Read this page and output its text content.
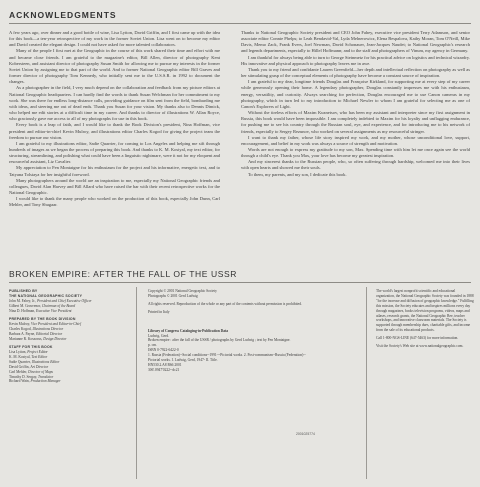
ACKNOWLEDGMENTS

A few years ago, over dinner and a good bottle of wine, Lisa Lytton, David Griffin, and I first came up with the idea for this book—a ten-year retrospective of my work in the former Soviet Union. Lisa went on to become my editor and David created the elegant design. I could not have asked for more talented collaborators.

Many of the people I first met at the Geographic in the course of this work shared their time and effort with me and became close friends. I am grateful to the magazine's editor, Bill Allen, director of photography Kent Kobersteen, and assistant director of photography Susan Smith for allowing me to pursue my interests in the former Soviet Union by assigning me to that part of the world. And to former National Geographic editor Bill Graves and former director of photography Tom Kennedy, who initially sent me to the U.S.S.R. in 1992 to document the changes.

As a photographer in the field, I very much depend on the collaboration and feedback from my picture editors at National Geographic headquarters. I can hardly find the words to thank Susan Welchman for her commitment to my work. She was there for endless long-distance calls, providing guidance on film sent from the field, bombarding me with ideas, and steering me out of dead ends. Thank you Susan for your vision. My thanks also to Dennis Dimick, who helped me edit stories at a difficult time in my career. And thanks to director of illustrations W. Allan Royce, who graciously gave me access to all of my photographs for use in this book.

Every book is a leap of faith, and I would like to thank the Book Division's president, Nina Hoffman, vice president and editor-in-chief Kevin Mulroy, and illustrations editor Charles Kogod for giving the project team the freedom to pursue our vision.

I am grateful to my illustrations editor, Sadie Quarrier, for coming to Los Angeles and helping me sift through hundreds of images as we began the process of preparing this book. And thanks to K. M. Kostyal, my text editor, for structuring, streamlining, and polishing what could have been a linguistic nightmare, were it not for my eloquent and resourceful assistant, Liz Cavalier.

My appreciation to Fen Montaigne for his enthusiasm for the project and his informative, energetic text, and to Tatyana Tolstaya for her insightful foreword.

Many photographers around the world are an inspiration to me, especially my National Geographic friends and colleagues, David Alan Harvey and Bill Allard who have raised the bar with their recent retrospective works for the National Geographic.

I would like to thank the many people who worked on the production of this book, especially John Dunn, Carl Mehler, and Tony Shugaar.

Thanks to National Geographic Society president and CEO John Fahey, executive vice president Terry Adamson, and senior associate editor Connie Phelps; to Leah Bendavid-Val, Lyda Melnerowicz, Elena Bespalova, Kathy Moran, Tom O'Neill, Mike Davis, Memo Zack, Frank Evers, Joel Newman, David Schonauer, Jean-Jacques Naudet; to National Geographic's research and legends departments, especially to Hillel Hoffmann; and to the staff and photographers of Vinum, my agency in Germany.

I am thankful for always being able to turn to George Steinmetz for his practical advice on logistics and technical wizardry. His innovative and physical approach to photography leaves me in awe.

Thank you to my friend and confidante Lauren Greenfield—her depth and intellectual reflection on photography as well as her stimulating grasp of the conceptual elements of photography have become a constant source of inspiration.

I am grateful to my dear, longtime friends Douglas and Françoise Kirkland, for supporting me at every step of my career while generously opening their home. A legendary photographer, Douglas constantly impresses me with his enthusiasm, energy, versatility, and curiosity. Always searching for perfection, Douglas encouraged me to use Canon cameras in my photography, which in turn led to my introduction to Michael Newler to whom I am grateful for selecting me as one of Canon's Explorers of Light.

Without the tireless efforts of Maxim Kuznetsov, who has been my assistant and interpreter since my first assignment in Russia, this book would have been impossible. I am completely indebted to Maxim for his loyalty and unflagging endurance, for pushing me to see his country through the Russian soul, eye, and experience, and for introducing me to his network of friends, especially to Sergey Rezunov, who worked on several assignments as my resourceful stringer.

I want to thank my father, whose life story inspired my work, and my mother, whose unconditional love, support, encouragement, and belief in my work was always a source of strength and motivation.

Words are not enough to express my gratitude to my son, Max. Spending time with him let me once again see the world through a child's eye. Thank you Max, your love has become my greatest inspiration.

And my sincerest thanks to the Russian people, who, so often suffering through hardship, welcomed me into their lives with open hearts and showed me their souls.

To them, my parents, and my son, I dedicate this book.

BROKEN EMPIRE: AFTER THE FALL OF THE USSR
PUBLISHED BY
THE NATIONAL GEOGRAPHIC SOCIETY
John M. Fahey, Jr., President and Chief Executive Officer
Gilbert M. Grosvenor, Chairman of the Board
Nina D. Hoffman, Executive Vice President
PREPARED BY THE BOOK DIVISION
Kevin Mulroy, Vice President and Editor-in-Chief
Charles Kogod, Illustrations Director
Barbara A. Payne, Editorial Director
Marianne R. Koszorus, Design Director
STAFF FOR THIS BOOK
Lisa Lytton, Project Editor
K. M. Kostyal, Text Editor
Sadie Quarrier, Illustrations Editor
David Griffin, Art Director
Carl Mehler, Director of Maps
Timothy D. Sergay, Translator
Richard Wain, Production Manager
Copyright © 2001 National Geographic Society
Photographs © 2001 Gerd Ludwig
All rights reserved. Reproduction of the whole or any part of the contents without permission is prohibited.
Printed in Italy
Library of Congress Cataloging-in-Publication Data
Ludwig, Gerd.
Broken empire : after the fall of the USSR / photographs by Gerd Ludwig ; text by Fen Montaigne.
p. cm.
ISBN 0-7922-6422-0
1. Russia (Federation)--Social conditions--1991---Pictorial works. 2. Post-communism--Russia (Federation)--Pictorial works. I. Ludwig, Gerd, 1947- II. Title.
HN530.2.A8 B66 2001
306'.0947'0222--dc21
2001025774
The world's largest nonprofit scientific and educational organization, the National Geographic Society was founded in 1888 "for the increase and diffusion of geographic knowledge." Fulfilling this mission, the Society educates and inspires millions every day through magazines, books television programs, videos, maps and atlases, research grants, the National Geographic Bee, teacher workshops, and innovative classroom materials. The Society is supported through membership dues, charitable gifts, and income from the sale of its educational products.
Call 1-800-NGS-LINE (647-5463) for more information.
Visit the Society's Web site at www.nationalgeographic.com.
